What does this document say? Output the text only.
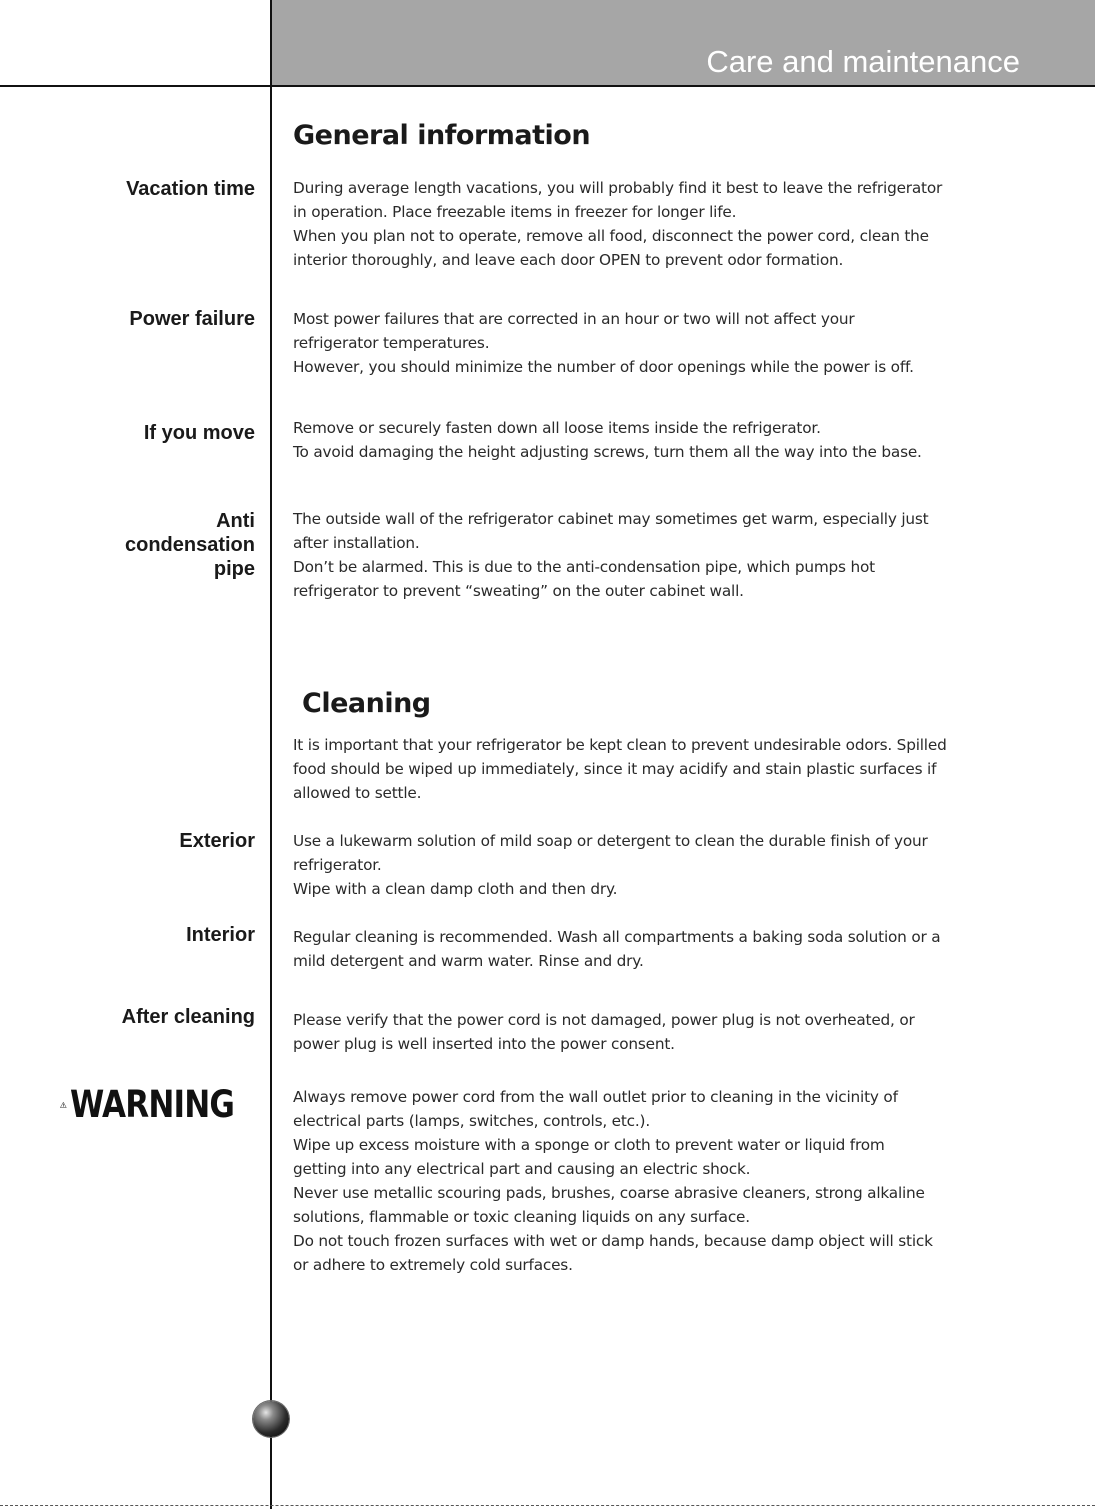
Care and maintenance
General information
Vacation time During average length vacations, you will probably find it best to leave the refrigerator
in operation. Place freezable items in freezer for longer life.
When you plan not to operate, remove all food, disconnect the power cord, clean the
interior thoroughly, and leave each door OPEN to prevent odor formation.
Power failure Most power failures that are corrected in an hour or two will not affect your
refrigerator temperatures.
However, you should minimize the number of door openings while the power is off.
If you move Remove or securely fasten down all loose items inside the refrigerator.
To avoid damaging the height adjusting screws, turn them all the way into the base.
Anti
condensation
pipe
The outside wall of the refrigerator cabinet may sometimes get warm, especially just
after installation.
Don’t be alarmed. This is due to the anti-condensation pipe, which pumps hot
refrigerator to prevent “sweating” on the outer cabinet wall.
Cleaning
It is important that your refrigerator be kept clean to prevent undesirable odors. Spilled
food should be wiped up immediately, since it may acidify and stain plastic surfaces if
allowed to settle.
Exterior Use a lukewarm solution of mild soap or detergent to clean the durable finish of your
refrigerator.
Wipe with a clean damp cloth and then dry.
Interior Regular cleaning is recommended. Wash all compartments a baking soda solution or a
mild detergent and warm water. Rinse and dry.
After cleaning Please verify that the power cord is not damaged, power plug is not overheated, or
power plug is well inserted into the power consent.
WARNING	Always remove power cord from the wall outlet prior to cleaning in the vicinity of
electrical parts (lamps, switches, controls, etc.).
Wipe up excess moisture with a sponge or cloth to prevent water or liquid from
getting into any electrical part and causing an electric shock.
Never use metallic scouring pads, brushes, coarse abrasive cleaners, strong alkaline
solutions, flammable or toxic cleaning liquids on any surface.
Do not touch frozen surfaces with wet or damp hands, because damp object will stick
or adhere to extremely cold surfaces.
